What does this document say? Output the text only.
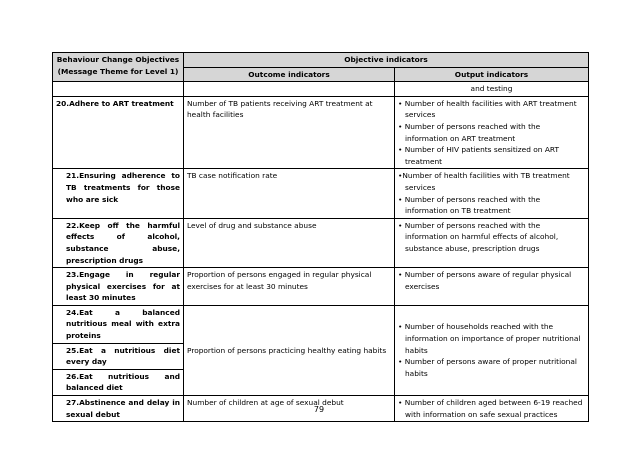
Behaviour Change Objectives
(Message Theme for Level 1)	Objective indicators	
	Outcome indicators	Output indicators
		and testing
20.Adhere to ART treatment	Number of TB patients receiving ART treatment at health facilities	• Number of health facilities with ART treatment services
• Number of persons reached with the information on ART treatment
• Number of HIV patients sensitized on ART treatment

21.Ensuring adherence to TB treatments for those who are sick	TB case notification rate	•Number of health facilities with TB treatment services
• Number of persons reached with the information on TB treatment

22.Keep off the harmful effects of alcohol, substance abuse, prescription drugs	Level of drug and substance abuse	• Number of persons reached with the information on harmful effects of alcohol, substance abuse, prescription drugs

23.Engage in regular physical exercises for at least 30 minutes	Proportion of persons engaged in regular physical exercises for at least 30 minutes	• Number of persons aware of regular physical exercises

24.Eat a balanced nutritious meal with extra proteins	Proportion of persons practicing healthy eating habits	• Number of households reached with the information on importance of proper nutritional habits
• Number of persons aware of proper nutritional habits

25.Eat a nutritious diet every day		
26.Eat nutritious and balanced diet		
27.Abstinence and delay in sexual debut	Number of children at age of sexual debut	• Number of children aged between 6-19 reached with information on safe sexual practices
79
